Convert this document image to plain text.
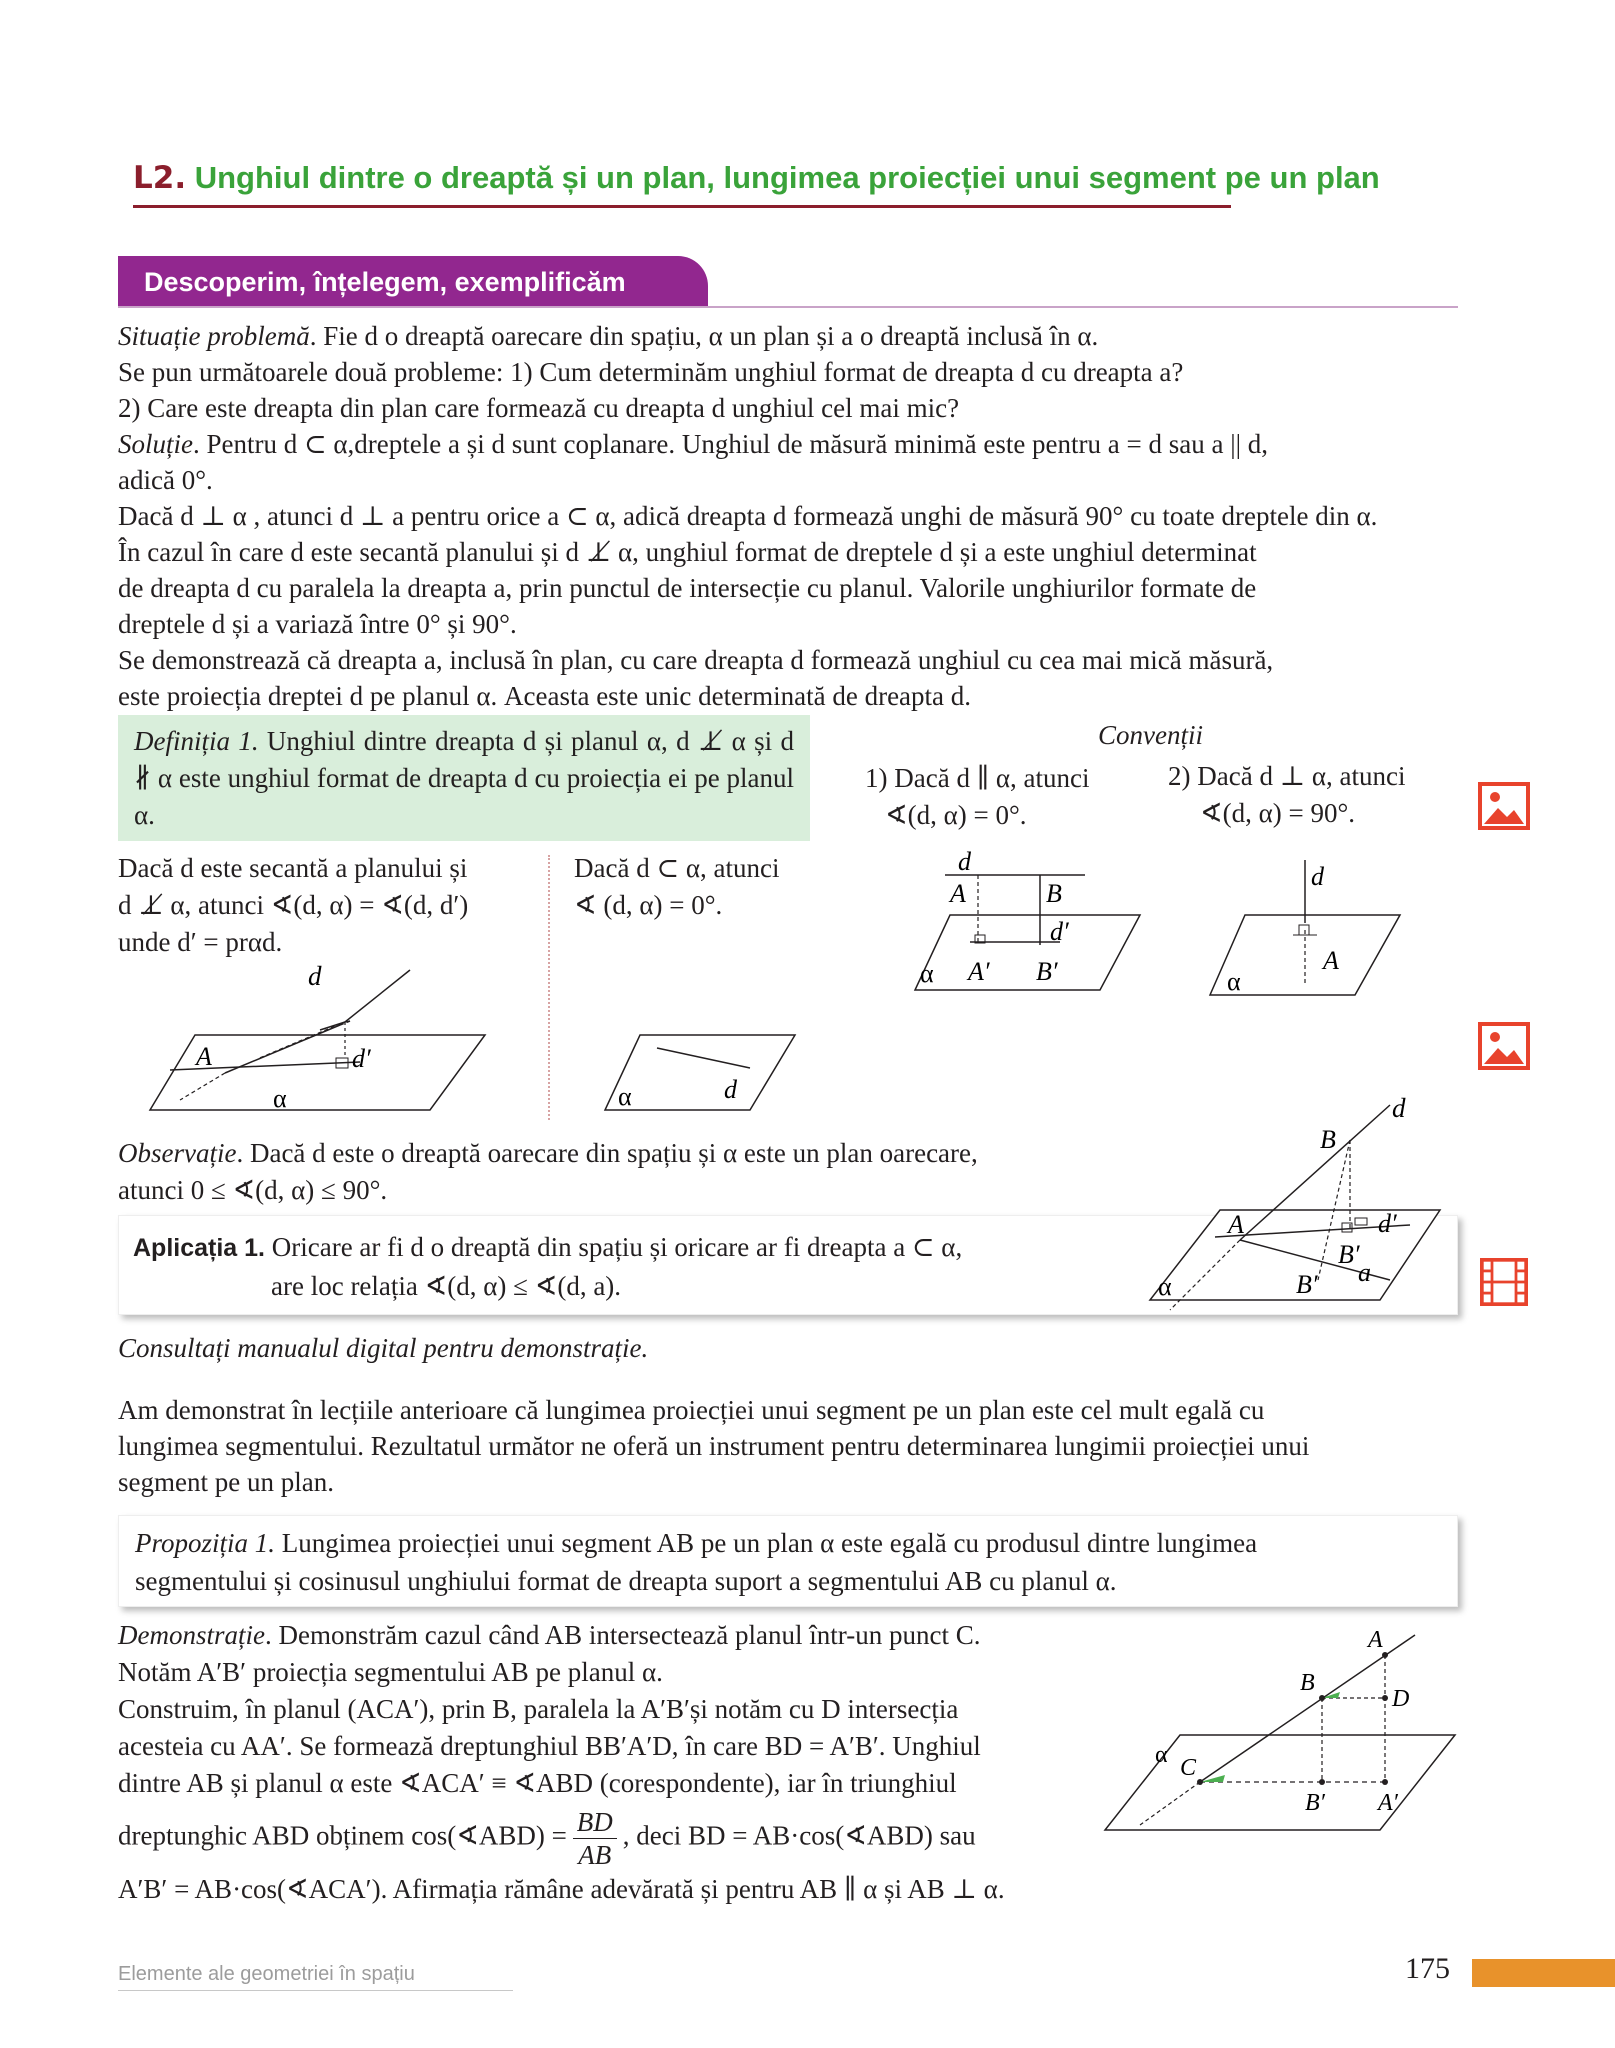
L2. Unghiul dintre o dreaptă și un plan, lungimea proiecției unui segment pe un plan
Descoperim, înțelegem, exemplificăm

Situație problemă. Fie d o dreaptă oarecare din spațiu, α un plan și a o dreaptă inclusă în α.

Se pun următoarele două probleme: 1) Cum determinăm unghiul format de dreapta d cu dreapta a?

2) Care este dreapta din plan care formează cu dreapta d unghiul cel mai mic?

Soluție. Pentru d ⊂ α,dreptele a și d sunt coplanare. Unghiul de măsură minimă este pentru a = d sau a || d,

adică 0°.

Dacă d ⊥ α , atunci d ⊥ a pentru orice a ⊂ α, adică dreapta d formează unghi de măsură 90° cu toate dreptele din α.

În cazul în care d este secantă planului și d ⊥̸ α, unghiul format de dreptele d și a este unghiul determinat

de dreapta d cu paralela la dreapta a, prin punctul de intersecție cu planul. Valorile unghiurilor formate de

dreptele d și a variază între 0° și 90°.

Se demonstrează că dreapta a, inclusă în plan, cu care dreapta d formează unghiul cu cea mai mică măsură,

este proiecția dreptei d pe planul α. Aceasta este unic determinată de dreapta d.

Definiția 1. Unghiul dintre dreapta d și planul α, d ⊥̸ α și d ∦ α este unghiul format de dreapta d cu proiecția ei pe planul α.
Convenții
1) Dacă d ∥ α, atunci
∢(d, α) = 0°.
2) Dacă d ⊥ α, atunci
∢(d, α) = 90°.
Dacă d este secantă a planului și
d ⊥̸ α, atunci ∢(d, α) = ∢(d, d′)
unde d′ = prαd.
Dacă d ⊂ α, atunci
∢ (d, α) = 0°.
d
A	d′
α	α	d
d
A	B
d′
α A′ B′
d
A
α
Observație. Dacă d este o dreaptă oarecare din spațiu și α este un plan oarecare,
atunci 0 ≤ ∢(d, α) ≤ 90°.
Aplicația 1. Oricare ar fi d o dreaptă din spațiu și oricare ar fi dreapta a ⊂ α,
are loc relația ∢(d, α) ≤ ∢(d, a).
d
B
A	d′
B′
a
B′
α
Consultați manualul digital pentru demonstrație.

Am demonstrat în lecțiile anterioare că lungimea proiecției unui segment pe un plan este cel mult egală cu

lungimea segmentului. Rezultatul următor ne oferă un instrument pentru determinarea lungimii proiecției unui

segment pe un plan.

Propoziția 1. Lungimea proiecției unui segment AB pe un plan α este egală cu produsul dintre lungimea
segmentului și cosinusul unghiului format de dreapta suport a segmentului AB cu planul α.
Demonstrație. Demonstrăm cazul când AB intersectează planul într-un punct C.
Notăm A′B′ proiecția segmentului AB pe planul α.
Construim, în planul (ACA′), prin B, paralela la A′B′și notăm cu D intersecția
acesteia cu AA′. Se formează dreptunghiul BB′A′D, în care BD = A′B′. Unghiul
dintre AB și planul α este ∢ACA′ ≡ ∢ABD (corespondente), iar în triunghiul
dreptunghic ABD obținem cos(∢ABD) = $\frac{BD}{AB}$ , deci BD = AB·cos(∢ABD) sau
A′B′ = AB·cos(∢ACA′). Afirmația rămâne adevărată și pentru AB ∥ α și AB ⊥ α.
A
B
D
C
B′ A′
α
Elemente ale geometriei în spațiu	175
